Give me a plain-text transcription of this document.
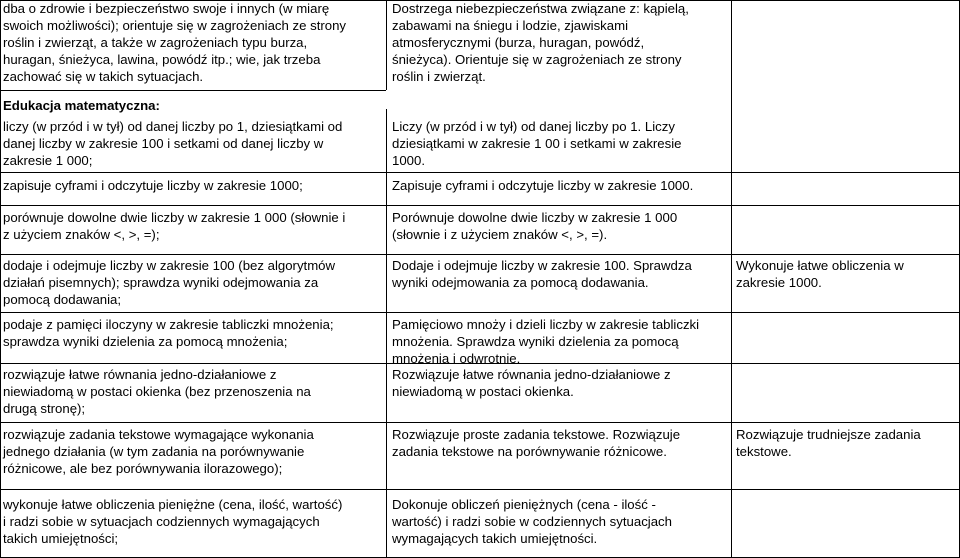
dba o zdrowie i bezpieczeństwo swoje i innych (w miarę
swoich możliwości); orientuje się w zagrożeniach ze strony
roślin i zwierząt, a także w zagrożeniach typu burza,
huragan, śnieżyca, lawina, powódź itp.; wie, jak trzeba
zachować się w takich sytuacjach.
Dostrzega niebezpieczeństwa związane z: kąpielą,
zabawami na śniegu i lodzie, zjawiskami
atmosferycznymi (burza, huragan, powódź,
śnieżyca). Orientuje się w zagrożeniach ze strony
roślin i zwierząt.
Edukacja matematyczna:
liczy (w przód i w tył) od danej liczby po 1, dziesiątkami od
danej liczby w zakresie 100 i setkami od danej liczby w
zakresie 1 000;
Liczy (w przód i w tył) od danej liczby po 1. Liczy
dziesiątkami w zakresie 1 00 i setkami w zakresie
1000.
zapisuje cyframi i odczytuje liczby w zakresie 1000;	Zapisuje cyframi i odczytuje liczby w zakresie 1000.
porównuje dowolne dwie liczby w zakresie 1 000 (słownie i
z użyciem znaków <, >, =);
Porównuje dowolne dwie liczby w zakresie 1 000
(słownie i z użyciem znaków <, >, =).
dodaje i odejmuje liczby w zakresie 100 (bez algorytmów
działań pisemnych); sprawdza wyniki odejmowania za
pomocą dodawania;
Dodaje i odejmuje liczby w zakresie 100. Sprawdza
wyniki odejmowania za pomocą dodawania.
Wykonuje łatwe obliczenia w
zakresie 1000.
podaje z pamięci iloczyny w zakresie tabliczki mnożenia;
sprawdza wyniki dzielenia za pomocą mnożenia;
Pamięciowo mnoży i dzieli liczby w zakresie tabliczki
mnożenia. Sprawdza wyniki dzielenia za pomocą
mnożenia i odwrotnie.
rozwiązuje łatwe równania jedno-działaniowe z
niewiadomą w postaci okienka (bez przenoszenia na
drugą stronę);
Rozwiązuje łatwe równania jedno-działaniowe z
niewiadomą w postaci okienka.
rozwiązuje zadania tekstowe wymagające wykonania
jednego działania (w tym zadania na porównywanie
różnicowe, ale bez porównywania ilorazowego);
Rozwiązuje proste zadania tekstowe. Rozwiązuje
zadania tekstowe na porównywanie różnicowe.
Rozwiązuje trudniejsze zadania
tekstowe.
wykonuje łatwe obliczenia pieniężne (cena, ilość, wartość)
i radzi sobie w sytuacjach codziennych wymagających
takich umiejętności;
Dokonuje obliczeń pieniężnych (cena - ilość -
wartość) i radzi sobie w codziennych sytuacjach
wymagających takich umiejętności.
